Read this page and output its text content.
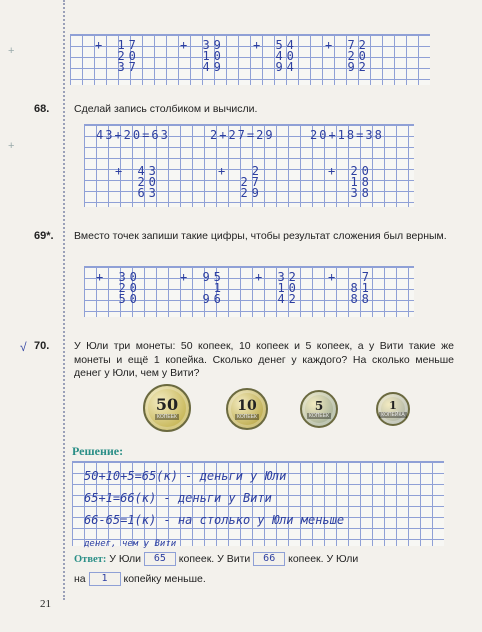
+
+
√
+ 17
20
37
+ 39
10
49
+ 54
40
94
+ 72
20
92
68. Сделай запись столбиком и вычисли.
43+20=63	2+27=29	20+18=38
+ 43
20
63
+  2
27
29
+ 20
18
38
69*. Вместо точек запиши такие цифры, чтобы результат сложения был верным.
+ 30
20
50
+ 95
1
96
+ 32
10
42
+  7
81
88
70. У Юли три монеты: 50 копеек, 10 копеек и 5 копеек, а у Вити такие же монеты и ещё 1 копейка. Сколько денег у каждого? На сколько меньше денег у Юли, чем у Вити?
50
КОПЕЕК
10
КОПЕЕК
5
КОПЕЕК
1
КОПЕЙКА
Решение:
50+10+5=65(к) - деньги у Юли
65+1=66(к) - деньги у Вити
66-65=1(к) - на столько у Юли меньше
денег, чем у Вити
Ответ: У Юли 65 копеек. У Вити 66 копеек. У Юли
на 1 копейку меньше.
21
